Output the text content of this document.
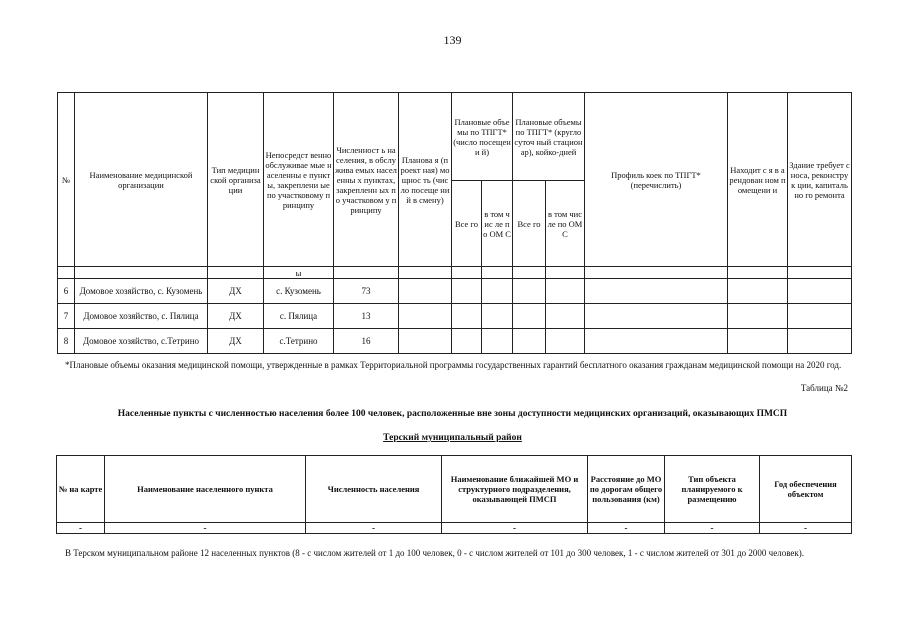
139
№	Наименование медицинской организации	Тип медицин ской организа ции	Непосредст венно обслуживае мые населенны е пункты, закреплени ые по участковому принципу	Численност ь населения, в обслужива емых населенны х пунктах, закрепленн ых по участковом у принципу	Планова я (проект ная) мощнос ть (число посеще ний в смену)	Плановые объемы по ТПГТ* (число посещени й)		Плановые объемы по ТПГТ* (круглосуточ ный стационар), койко-дней		Профиль коек по ТПГТ* (перечислить)	Находит с я в арендован ном помещени и	Здание требует сноса, реконструк ции, капитально го ремонта
						Все го	в том чис ле по ОМ С	Все го	в том числе по ОМС			
			ы									
6	Домовое хозяйство, с. Кузомень	ДХ	с. Кузомень	73								
7	Домовое хозяйство, с. Пялица	ДХ	с. Пялица	13								
8	Домовое хозяйство, с.Тетрино	ДХ	с.Тетрино	16								
*Плановые объемы оказания медицинской помощи, утвержденные в рамках Территориальной программы государственных гарантий бесплатного оказания гражданам медицинской помощи на 2020 год.
Таблица №2
Населенные пункты с численностью населения более 100 человек, расположенные вне зоны доступности медицинских организаций, оказывающих ПМСП
Терский муниципальный район
№ на карте	Наименование населенного пункта	Численность населения	Наименование ближайшей МО и структурного подразделения, оказывающей ПМСП	Расстояние до МО по дорогам общего пользования (км)	Тип объекта планируемого к размещению	Год обеспечения объектом
-	-	-	-	-	-	-
В Терском муниципальном районе 12 населенных пунктов (8 - с числом жителей от 1 до 100 человек, 0 - с числом жителей от 101 до 300 человек, 1 - с числом жителей от 301 до 2000 человек).
